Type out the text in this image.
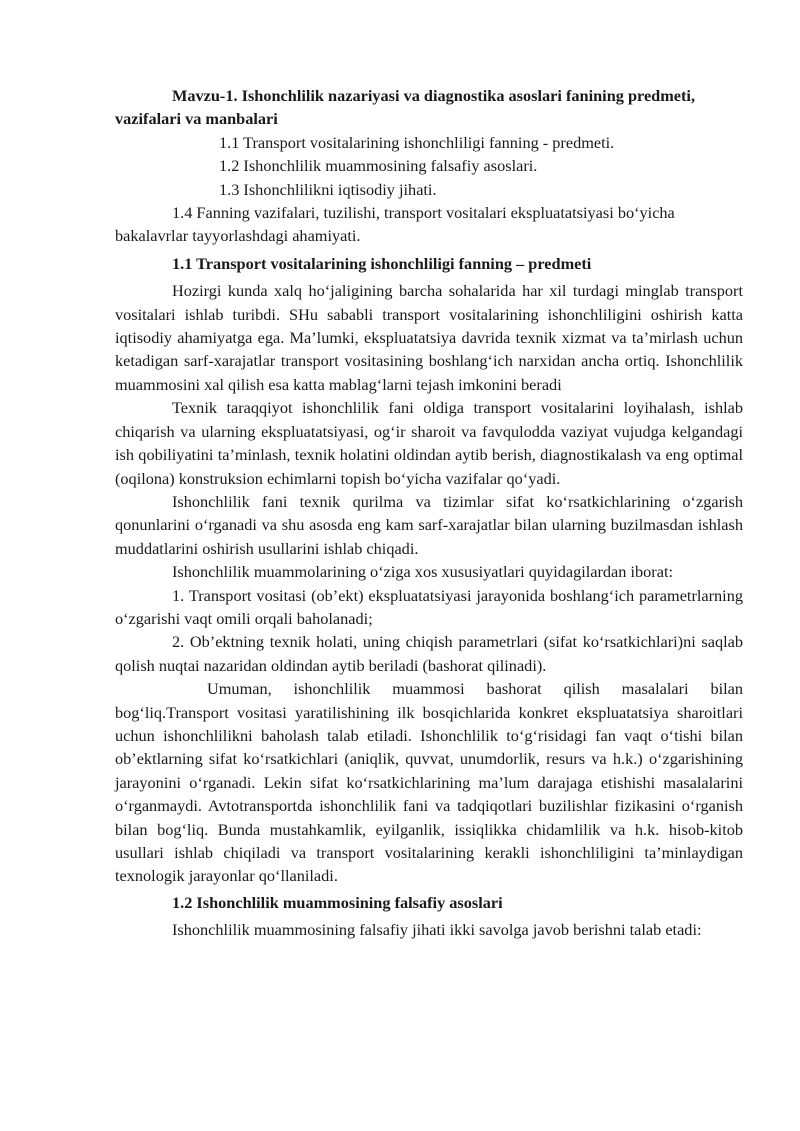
Mavzu-1. Ishonchlilik nazariyasi va diagnostika asoslari fanining predmeti, vazifalari va manbalari

1.1 Transport vositalarining ishonchliligi fanning - predmeti.

1.2 Ishonchlilik muammosining falsafiy asoslari.

1.3 Ishonchlilikni iqtisodiy jihati.

1.4 Fanning vazifalari, tuzilishi, transport vositalari ekspluatatsiyasi bo‘yicha bakalavrlar tayyorlashdagi ahamiyati.

1.1 Transport vositalarining ishonchliligi fanning – predmeti

Hozirgi kunda xalq ho‘jaligining barcha sohalarida har xil turdagi minglab transport vositalari ishlab turibdi. SHu sababli transport vositalarining ishonchliligini oshirish katta iqtisodiy ahamiyatga ega. Ma’lumki, ekspluatatsiya davrida texnik xizmat va ta’mirlash uchun ketadigan sarf-xarajatlar transport vositasining boshlang‘ich narxidan ancha ortiq. Ishonchlilik muammosini xal qilish esa katta mablag‘larni tejash imkonini beradi

Texnik taraqqiyot ishonchlilik fani oldiga transport vositalarini loyihalash, ishlab chiqarish va ularning ekspluatatsiyasi, og‘ir sharoit va favqulodda vaziyat vujudga kelgandagi ish qobiliyatini ta’minlash, texnik holatini oldindan aytib berish, diagnostikalash va eng optimal (oqilona) konstruksion echimlarni topish bo‘yicha vazifalar qo‘yadi.

Ishonchlilik fani texnik qurilma va tizimlar sifat ko‘rsatkichlarining o‘zgarish qonunlarini o‘rganadi va shu asosda eng kam sarf-xarajatlar bilan ularning buzilmasdan ishlash muddatlarini oshirish usullarini ishlab chiqadi.

Ishonchlilik muammolarining o‘ziga xos xususiyatlari quyidagilardan iborat:

1. Transport vositasi (ob’ekt) ekspluatatsiyasi jarayonida boshlang‘ich parametrlarning o‘zgarishi vaqt omili orqali baholanadi;

2. Ob’ektning texnik holati, uning chiqish parametrlari (sifat ko‘rsatkichlari)ni saqlab qolish nuqtai nazaridan oldindan aytib beriladi (bashorat qilinadi).

Umuman, ishonchlilik muammosi bashorat qilish masalalari bilan bog‘liq.Transport vositasi yaratilishining ilk bosqichlarida konkret ekspluatatsiya sharoitlari uchun ishonchlilikni baholash talab etiladi. Ishonchlilik to‘g‘risidagi fan vaqt o‘tishi bilan ob’ektlarning sifat ko‘rsatkichlari (aniqlik, quvvat, unumdorlik, resurs va h.k.) o‘zgarishining jarayonini o‘rganadi. Lekin sifat ko‘rsatkichlarining ma’lum darajaga etishishi masalalarini o‘rganmaydi. Avtotransportda ishonchlilik fani va tadqiqotlari buzilishlar fizikasini o‘rganish bilan bog‘liq. Bunda mustahkamlik, eyilganlik, issiqlikka chidamlilik va h.k. hisob-kitob usullari ishlab chiqiladi va transport vositalarining kerakli ishonchliligini ta’minlaydigan texnologik jarayonlar qo‘llaniladi.

1.2 Ishonchlilik muammosining falsafiy asoslari

Ishonchlilik muammosining falsafiy jihati ikki savolga javob berishni talab etadi:
